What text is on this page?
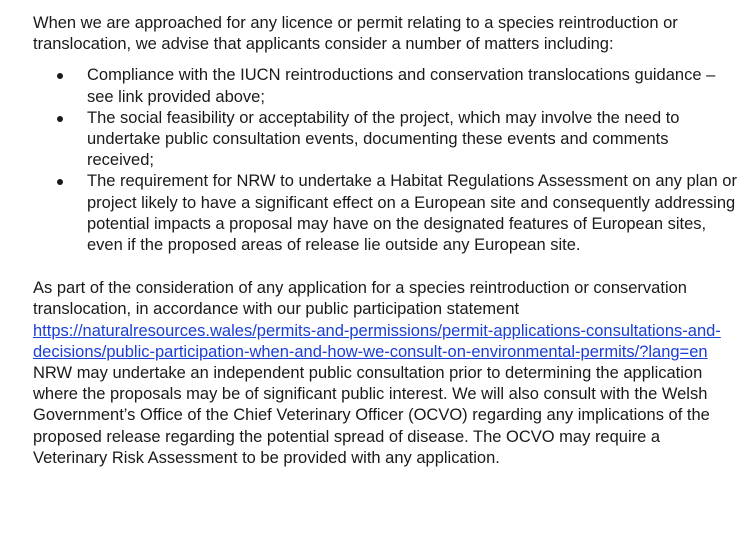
When we are approached for any licence or permit relating to a species reintroduction or translocation, we advise that applicants consider a number of matters including:

Compliance with the IUCN reintroductions and conservation translocations guidance – see link provided above;
The social feasibility or acceptability of the project, which may involve the need to undertake public consultation events, documenting these events and comments received;
The requirement for NRW to undertake a Habitat Regulations Assessment on any plan or project likely to have a significant effect on a European site and consequently addressing potential impacts a proposal may have on the designated features of European sites, even if the proposed areas of release lie outside any European site.

As part of the consideration of any application for a species reintroduction or conservation translocation, in accordance with our public participation statement https://naturalresources.wales/permits-and-permissions/permit-applications-consultations-and-decisions/public-participation-when-and-how-we-consult-on-environmental-permits/?lang=en NRW may undertake an independent public consultation prior to determining the application where the proposals may be of significant public interest. We will also consult with the Welsh Government’s Office of the Chief Veterinary Officer (OCVO) regarding any implications of the proposed release regarding the potential spread of disease. The OCVO may require a Veterinary Risk Assessment to be provided with any application.
